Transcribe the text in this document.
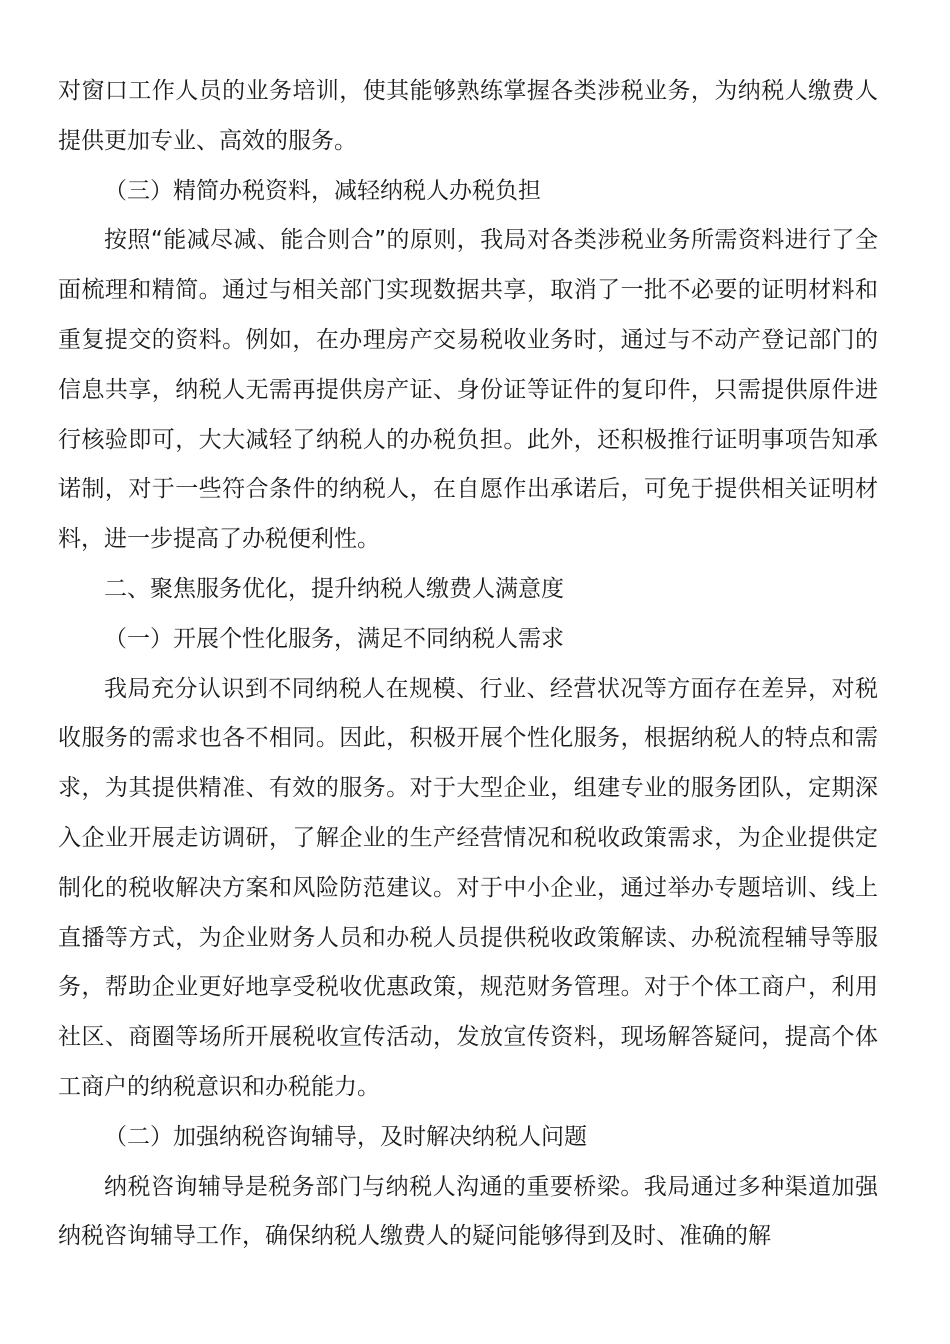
对窗口工作人员的业务培训，使其能够熟练掌握各类涉税业务，为纳税人缴费人提供更加专业、高效的服务。

（三）精简办税资料，减轻纳税人办税负担

按照“能减尽减、能合则合”的原则，我局对各类涉税业务所需资料进行了全面梳理和精简。通过与相关部门实现数据共享，取消了一批不必要的证明材料和重复提交的资料。例如，在办理房产交易税收业务时，通过与不动产登记部门的信息共享，纳税人无需再提供房产证、身份证等证件的复印件，只需提供原件进行核验即可，大大减轻了纳税人的办税负担。此外，还积极推行证明事项告知承诺制，对于一些符合条件的纳税人，在自愿作出承诺后，可免于提供相关证明材料，进一步提高了办税便利性。

二、聚焦服务优化，提升纳税人缴费人满意度

（一）开展个性化服务，满足不同纳税人需求

我局充分认识到不同纳税人在规模、行业、经营状况等方面存在差异，对税收服务的需求也各不相同。因此，积极开展个性化服务，根据纳税人的特点和需求，为其提供精准、有效的服务。对于大型企业，组建专业的服务团队，定期深入企业开展走访调研，了解企业的生产经营情况和税收政策需求，为企业提供定制化的税收解决方案和风险防范建议。对于中小企业，通过举办专题培训、线上直播等方式，为企业财务人员和办税人员提供税收政策解读、办税流程辅导等服务，帮助企业更好地享受税收优惠政策，规范财务管理。对于个体工商户，利用社区、商圈等场所开展税收宣传活动，发放宣传资料，现场解答疑问，提高个体工商户的纳税意识和办税能力。

（二）加强纳税咨询辅导，及时解决纳税人问题

纳税咨询辅导是税务部门与纳税人沟通的重要桥梁。我局通过多种渠道加强纳税咨询辅导工作，确保纳税人缴费人的疑问能够得到及时、准确的解
